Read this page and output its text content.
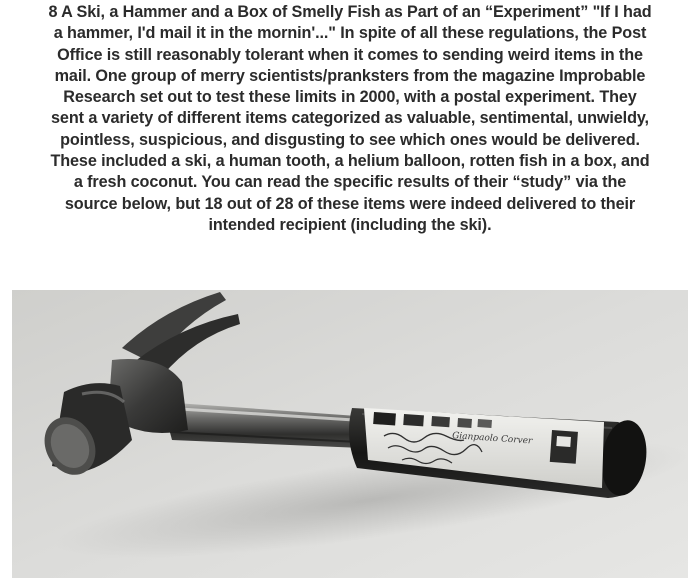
8 A Ski, a Hammer and a Box of Smelly Fish as Part of an “Experiment” "If I had
a hammer, I'd mail it in the mornin'..." In spite of all these regulations, the Post
Office is still reasonably tolerant when it comes to sending weird items in the
mail. One group of merry scientists/pranksters from the magazine Improbable
Research set out to test these limits in 2000, with a postal experiment. They
sent a variety of different items categorized as valuable, sentimental, unwieldy,
pointless, suspicious, and disgusting to see which ones would be delivered.
These included a ski, a human tooth, a helium balloon, rotten fish in a box, and
a fresh coconut. You can read the specific results of their “study” via the
source below, but 18 out of 28 of these items were indeed delivered to their
intended recipient (including the ski).
Gianpaolo Corver
